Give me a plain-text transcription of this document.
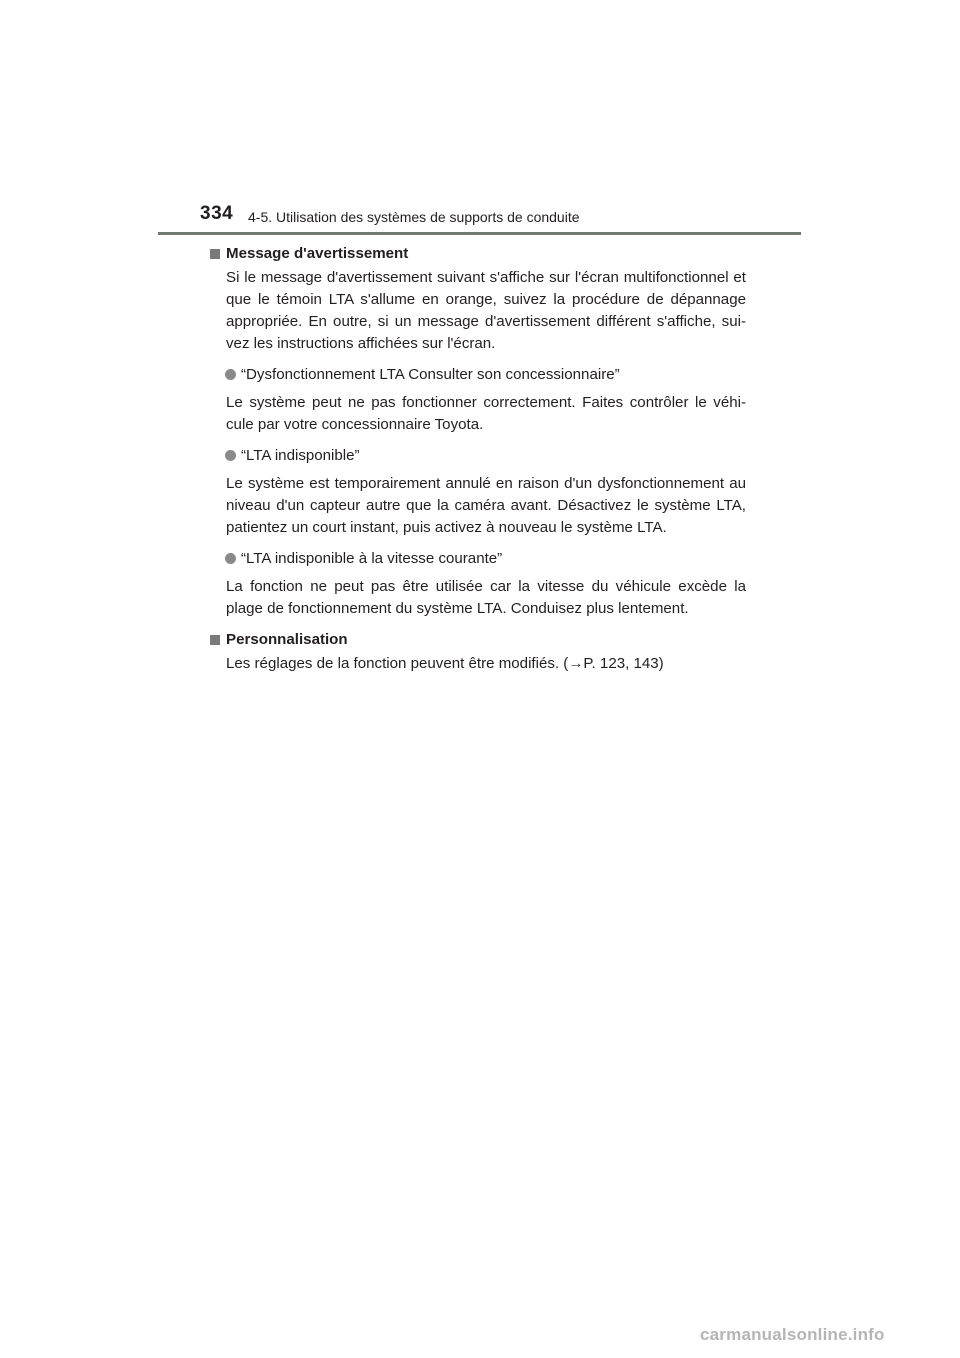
334 4-5. Utilisation des systèmes de supports de conduite
Message d'avertissement
Si le message d'avertissement suivant s'affiche sur l'écran multifonctionnel et que le témoin LTA s'allume en orange, suivez la procédure de dépannage appropriée. En outre, si un message d'avertissement différent s'affiche, sui-vez les instructions affichées sur l'écran.
“Dysfonctionnement LTA Consulter son concessionnaire”
Le système peut ne pas fonctionner correctement. Faites contrôler le véhi-cule par votre concessionnaire Toyota.
“LTA indisponible”
Le système est temporairement annulé en raison d'un dysfonctionnement au niveau d'un capteur autre que la caméra avant. Désactivez le système LTA, patientez un court instant, puis activez à nouveau le système LTA.
“LTA indisponible à la vitesse courante”
La fonction ne peut pas être utilisée car la vitesse du véhicule excède la plage de fonctionnement du système LTA. Conduisez plus lentement.
Personnalisation
Les réglages de la fonction peuvent être modifiés. (→P. 123, 143)
carmanualsonline.info
